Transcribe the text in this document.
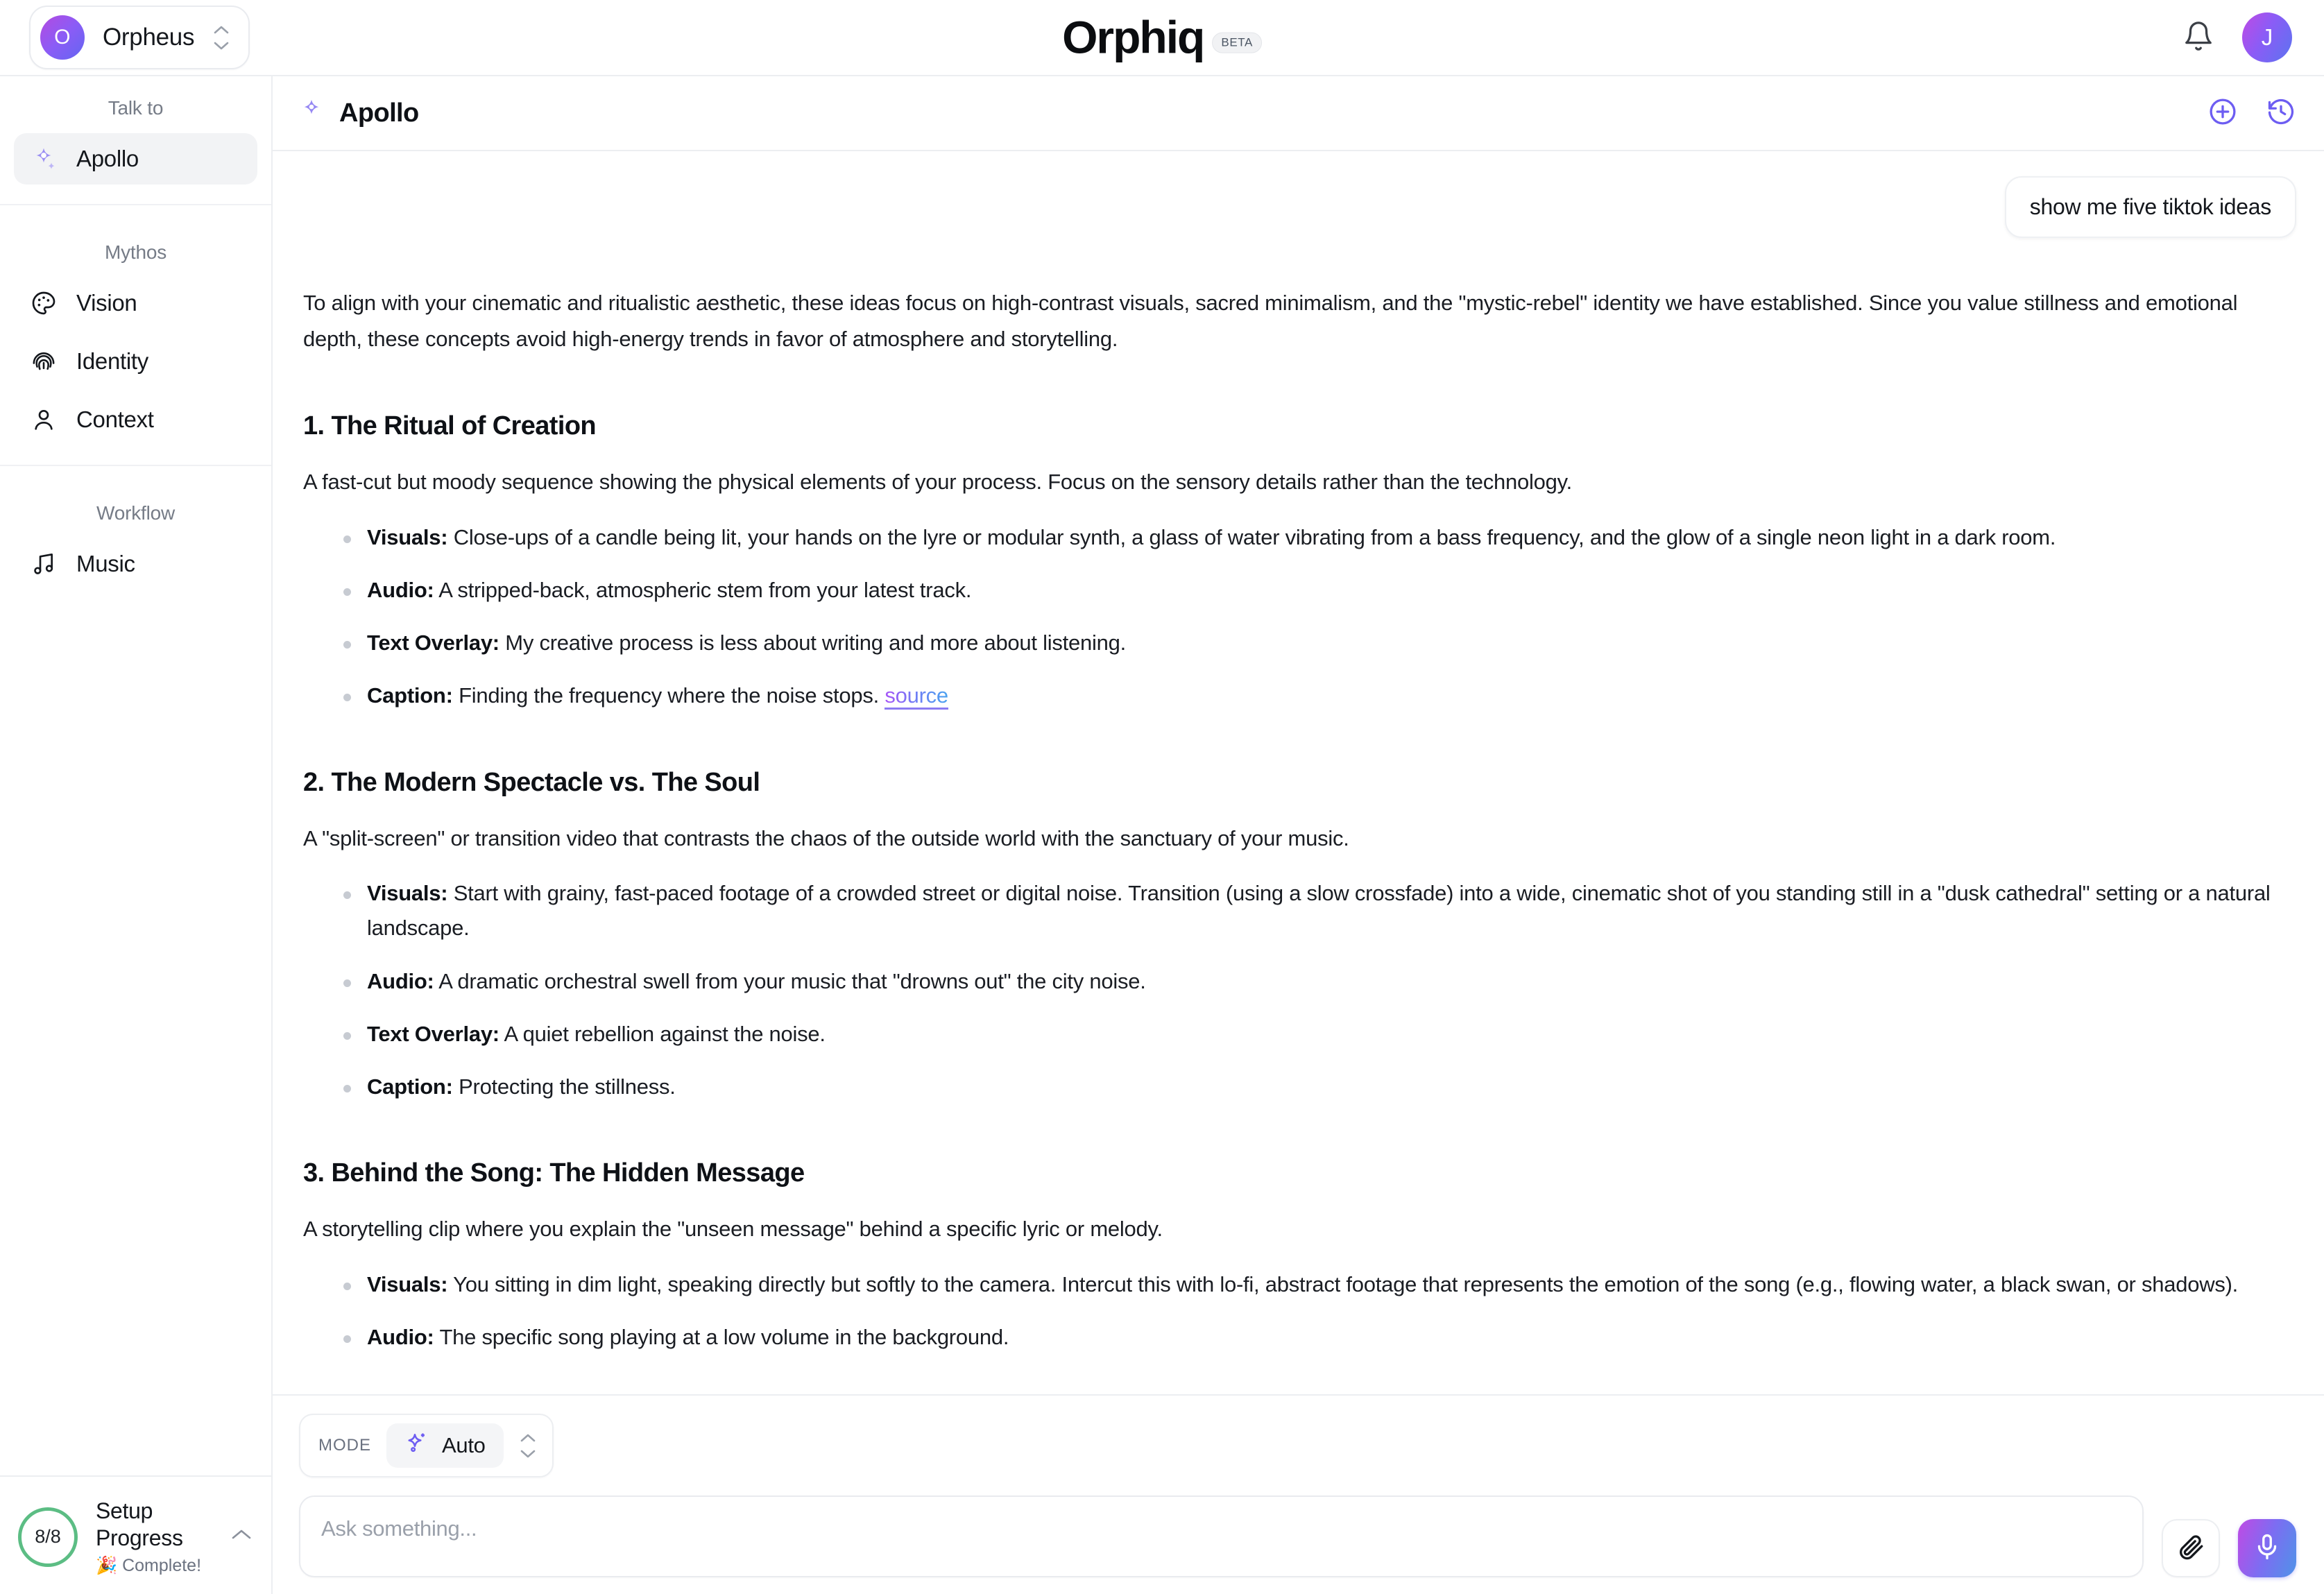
O	Orpheus	Orphiq	BETA	J
Talk to
Apollo
Mythos
Vision
Identity
Context
Workflow
Music
8/8
Setup Progress
🎉 Complete!
Apollo
show me five tiktok ideas

To align with your cinematic and ritualistic aesthetic, these ideas focus on high-contrast visuals, sacred minimalism, and the "mystic-rebel" identity we have established. Since you value stillness and emotional depth, these concepts avoid high-energy trends in favor of atmosphere and storytelling.

1. The Ritual of Creation

A fast-cut but moody sequence showing the physical elements of your process. Focus on the sensory details rather than the technology.

Visuals: Close-ups of a candle being lit, your hands on the lyre or modular synth, a glass of water vibrating from a bass frequency, and the glow of a single neon light in a dark room.
Audio: A stripped-back, atmospheric stem from your latest track.
Text Overlay: My creative process is less about writing and more about listening.
Caption: Finding the frequency where the noise stops. source
2. The Modern Spectacle vs. The Soul

A "split-screen" or transition video that contrasts the chaos of the outside world with the sanctuary of your music.

Visuals: Start with grainy, fast-paced footage of a crowded street or digital noise. Transition (using a slow crossfade) into a wide, cinematic shot of you standing still in a "dusk cathedral" setting or a natural landscape.
Audio: A dramatic orchestral swell from your music that "drowns out" the city noise.
Text Overlay: A quiet rebellion against the noise.
Caption: Protecting the stillness.
3. Behind the Song: The Hidden Message

A storytelling clip where you explain the "unseen message" behind a specific lyric or melody.

Visuals: You sitting in dim light, speaking directly but softly to the camera. Intercut this with lo-fi, abstract footage that represents the emotion of the song (e.g., flowing water, a black swan, or shadows).
Audio: The specific song playing at a low volume in the background.
MODE	Auto
Ask something...
